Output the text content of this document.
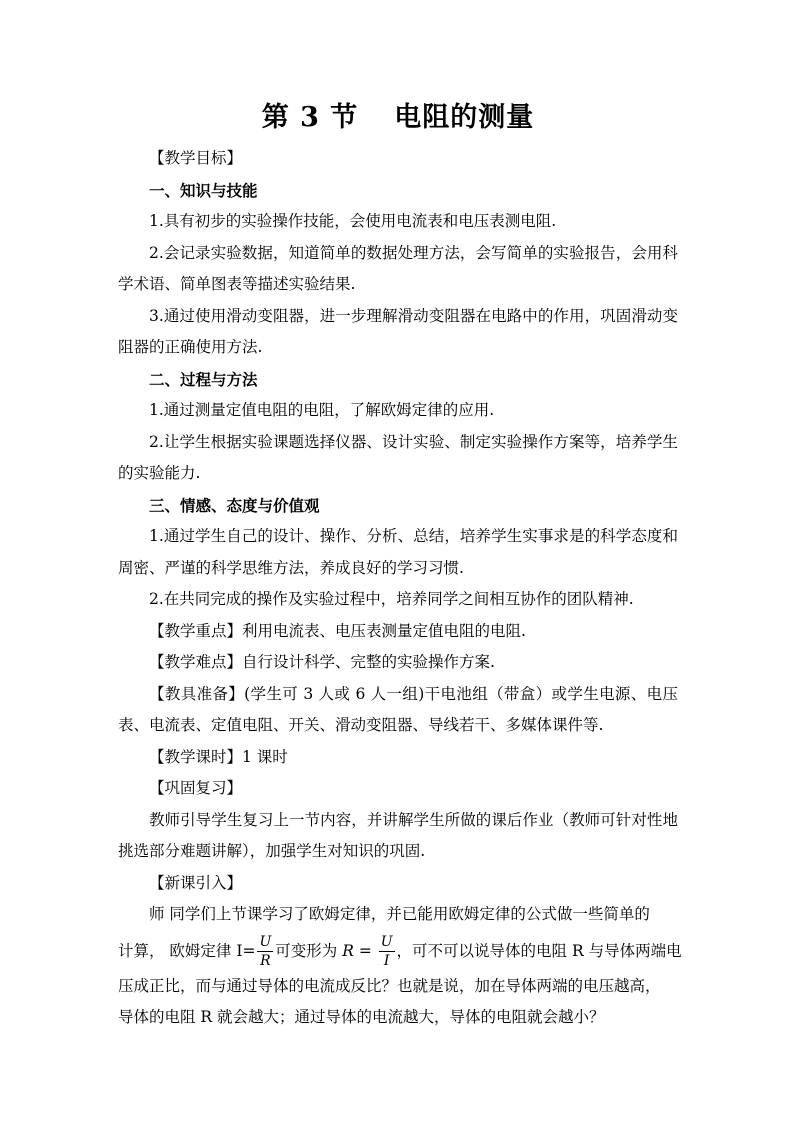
第 3 节 电阻的测量

【教学目标】

一、知识与技能

1.具有初步的实验操作技能，会使用电流表和电压表测电阻.

2.会记录实验数据，知道简单的数据处理方法，会写简单的实验报告，会用科学术语、简单图表等描述实验结果.

3.通过使用滑动变阻器，进一步理解滑动变阻器在电路中的作用，巩固滑动变阻器的正确使用方法.

二、过程与方法

1.通过测量定值电阻的电阻，了解欧姆定律的应用.

2.让学生根据实验课题选择仪器、设计实验、制定实验操作方案等，培养学生的实验能力.

三、情感、态度与价值观

1.通过学生自己的设计、操作、分析、总结，培养学生实事求是的科学态度和周密、严谨的科学思维方法，养成良好的学习习惯.

2.在共同完成的操作及实验过程中，培养同学之间相互协作的团队精神.

【教学重点】利用电流表、电压表测量定值电阻的电阻.

【教学难点】自行设计科学、完整的实验操作方案.

【教具准备】(学生可 3 人或 6 人一组)干电池组（带盒）或学生电源、电压表、电流表、定值电阻、开关、滑动变阻器、导线若干、多媒体课件等.

【教学课时】1 课时

【巩固复习】

教师引导学生复习上一节内容，并讲解学生所做的课后作业（教师可针对性地挑选部分难题讲解），加强学生对知识的巩固.

【新课引入】

师 同学们上节课学习了欧姆定律，并已能用欧姆定律的公式做一些简单的

计算， 欧姆定律 $I= \frac{U}{R}$ 可变形为 $R = \frac{U}{I}$ ，可不可以说导体的电阻 R 与导体两端电

压成正比，而与通过导体的电流成反比？也就是说，加在导体两端的电压越高，

导体的电阻 R 就会越大；通过导体的电流越大，导体的电阻就会越小？
